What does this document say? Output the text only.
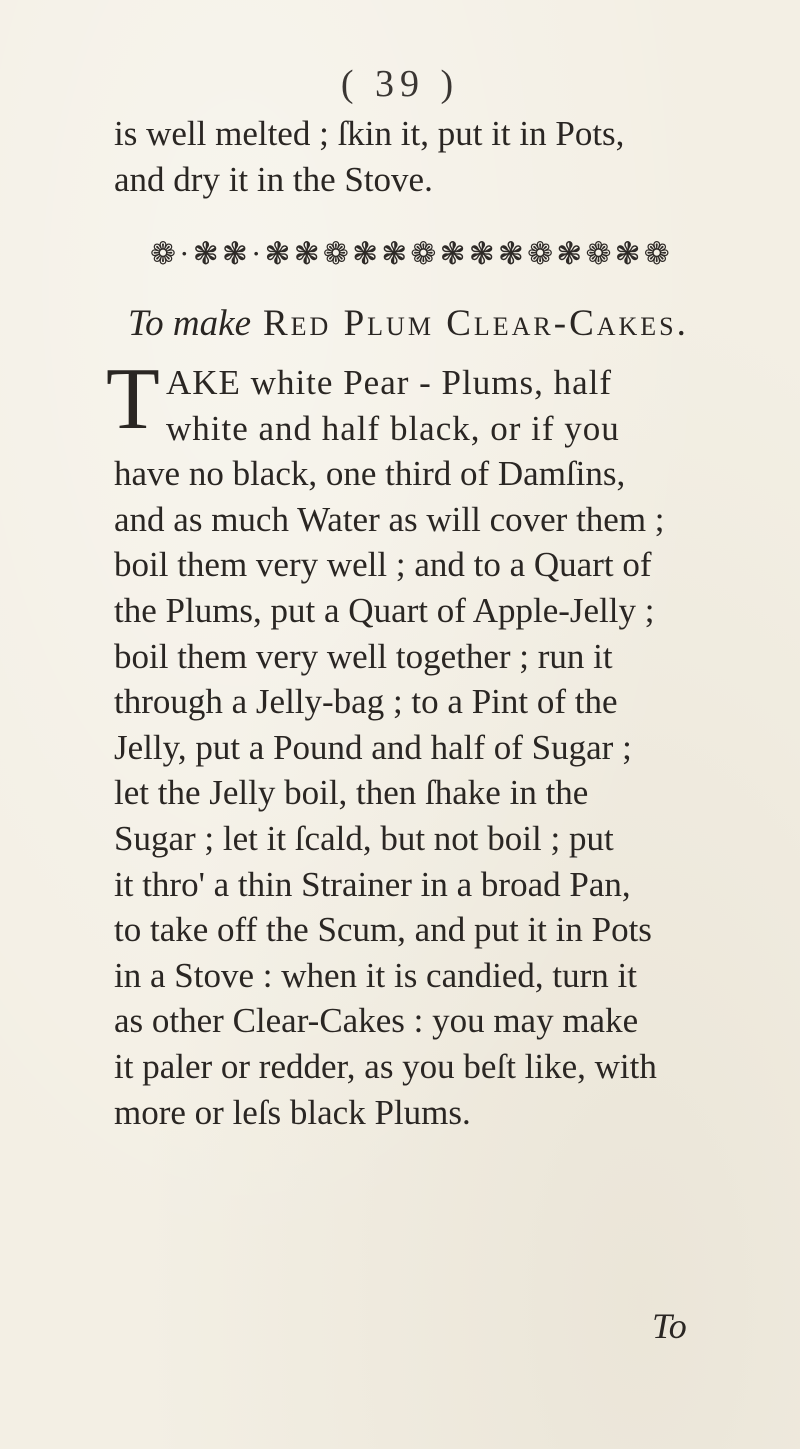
( 39 )
is well melted ; ſkin it, put it in Pots,
and dry it in the Stove.
❁ · ❃ ❃ · ❃ ❃ ❁ ❃ ❃ ❁ ❃ ❃ ❃ ❁ ❃ ❁ ❃ ❁
To make Red Plum Clear-Cakes.
T AKE white Pear - Plums, half
white and half black, or if you
have no black, one third of Damſins,
and as much Water as will cover them ;
boil them very well ; and to a Quart of
the Plums, put a Quart of Apple-Jelly ;
boil them very well together ; run it
through a Jelly-bag ; to a Pint of the
Jelly, put a Pound and half of Sugar ;
let the Jelly boil, then ſhake in the
Sugar ; let it ſcald, but not boil ; put
it thro' a thin Strainer in a broad Pan,
to take off the Scum, and put it in Pots
in a Stove : when it is candied, turn it
as other Clear-Cakes : you may make
it paler or redder, as you beſt like, with
more or leſs black Plums.
To
